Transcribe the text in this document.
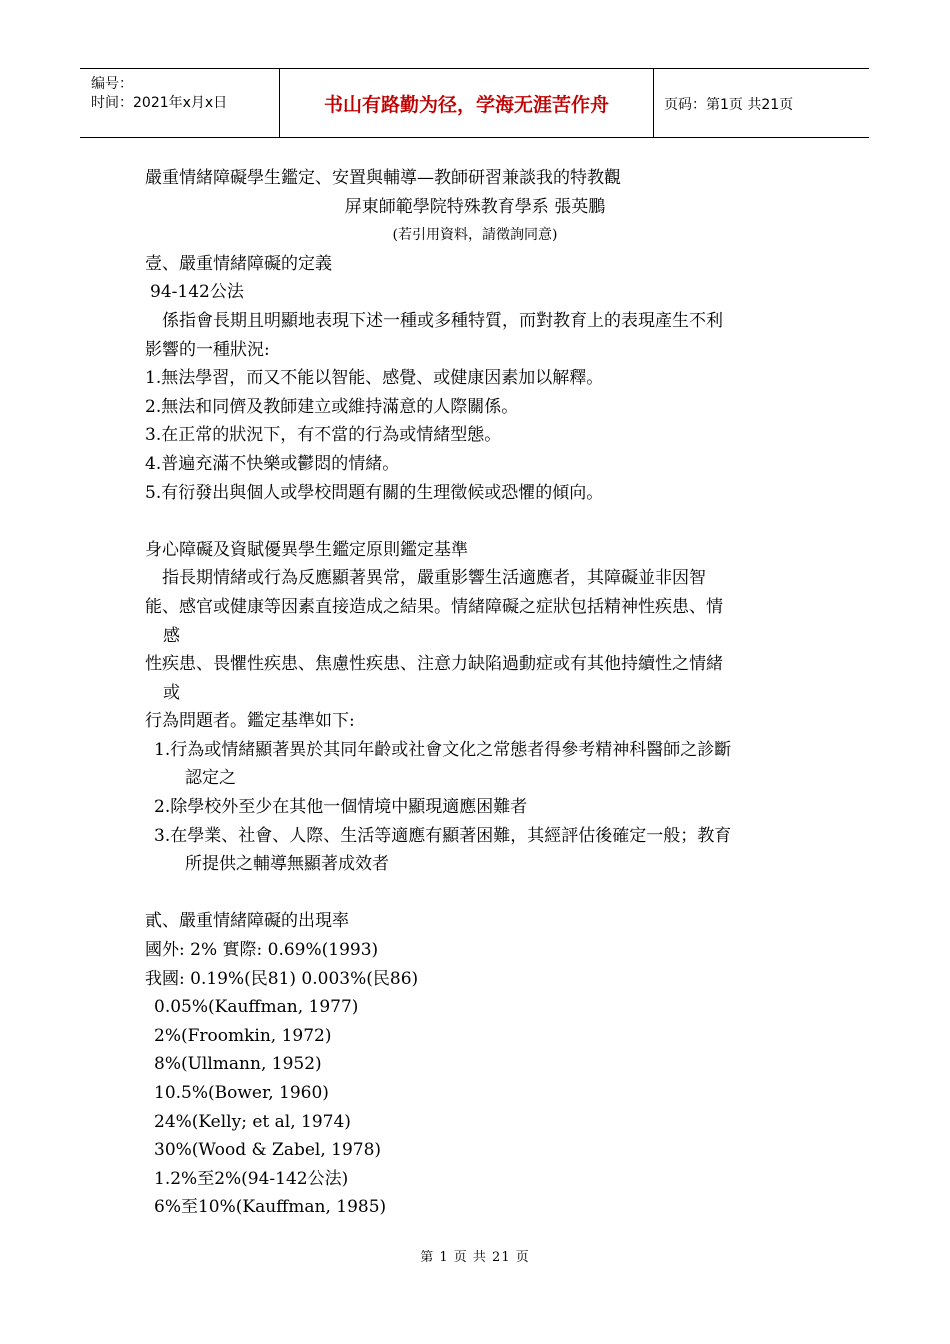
编号：
时间：2021年x月x日	书山有路勤为径，学海无涯苦作舟	页码：第1页 共21页
嚴重情緒障礙學生鑑定、安置與輔導—教師研習兼談我的特教觀
屏東師範學院特殊教育學系 張英鵬
(若引用資料，請徵詢同意)
壹、嚴重情緒障礙的定義
94-142公法
係指會長期且明顯地表現下述一種或多種特質，而對教育上的表現產生不利
影響的一種狀況:
1.無法學習，而又不能以智能、感覺、或健康因素加以解釋。
2.無法和同儕及教師建立或維持滿意的人際關係。
3.在正常的狀況下，有不當的行為或情緒型態。
4.普遍充滿不快樂或鬱悶的情緒。
5.有衍發出與個人或學校問題有關的生理徵候或恐懼的傾向。
身心障礙及資賦優異學生鑑定原則鑑定基準
指長期情緒或行為反應顯著異常，嚴重影響生活適應者，其障礙並非因智
能、感官或健康等因素直接造成之結果。情緒障礙之症狀包括精神性疾患、情
感
性疾患、畏懼性疾患、焦慮性疾患、注意力缺陷過動症或有其他持續性之情緒
或
行為問題者。鑑定基準如下:
1.行為或情緒顯著異於其同年齡或社會文化之常態者得參考精神科醫師之診斷
認定之
2.除學校外至少在其他一個情境中顯現適應困難者
3.在學業、社會、人際、生活等適應有顯著困難，其經評估後確定一般；教育
所提供之輔導無顯著成效者
貳、嚴重情緒障礙的出現率
國外: 2% 實際: 0.69%(1993)
我國: 0.19%(民81) 0.003%(民86)
0.05%(Kauffman, 1977)
2%(Froomkin, 1972)
8%(Ullmann, 1952)
10.5%(Bower, 1960)
24%(Kelly; et al, 1974)
30%(Wood & Zabel, 1978)
1.2%至2%(94-142公法)
6%至10%(Kauffman, 1985)
第 1 页 共 21 页
